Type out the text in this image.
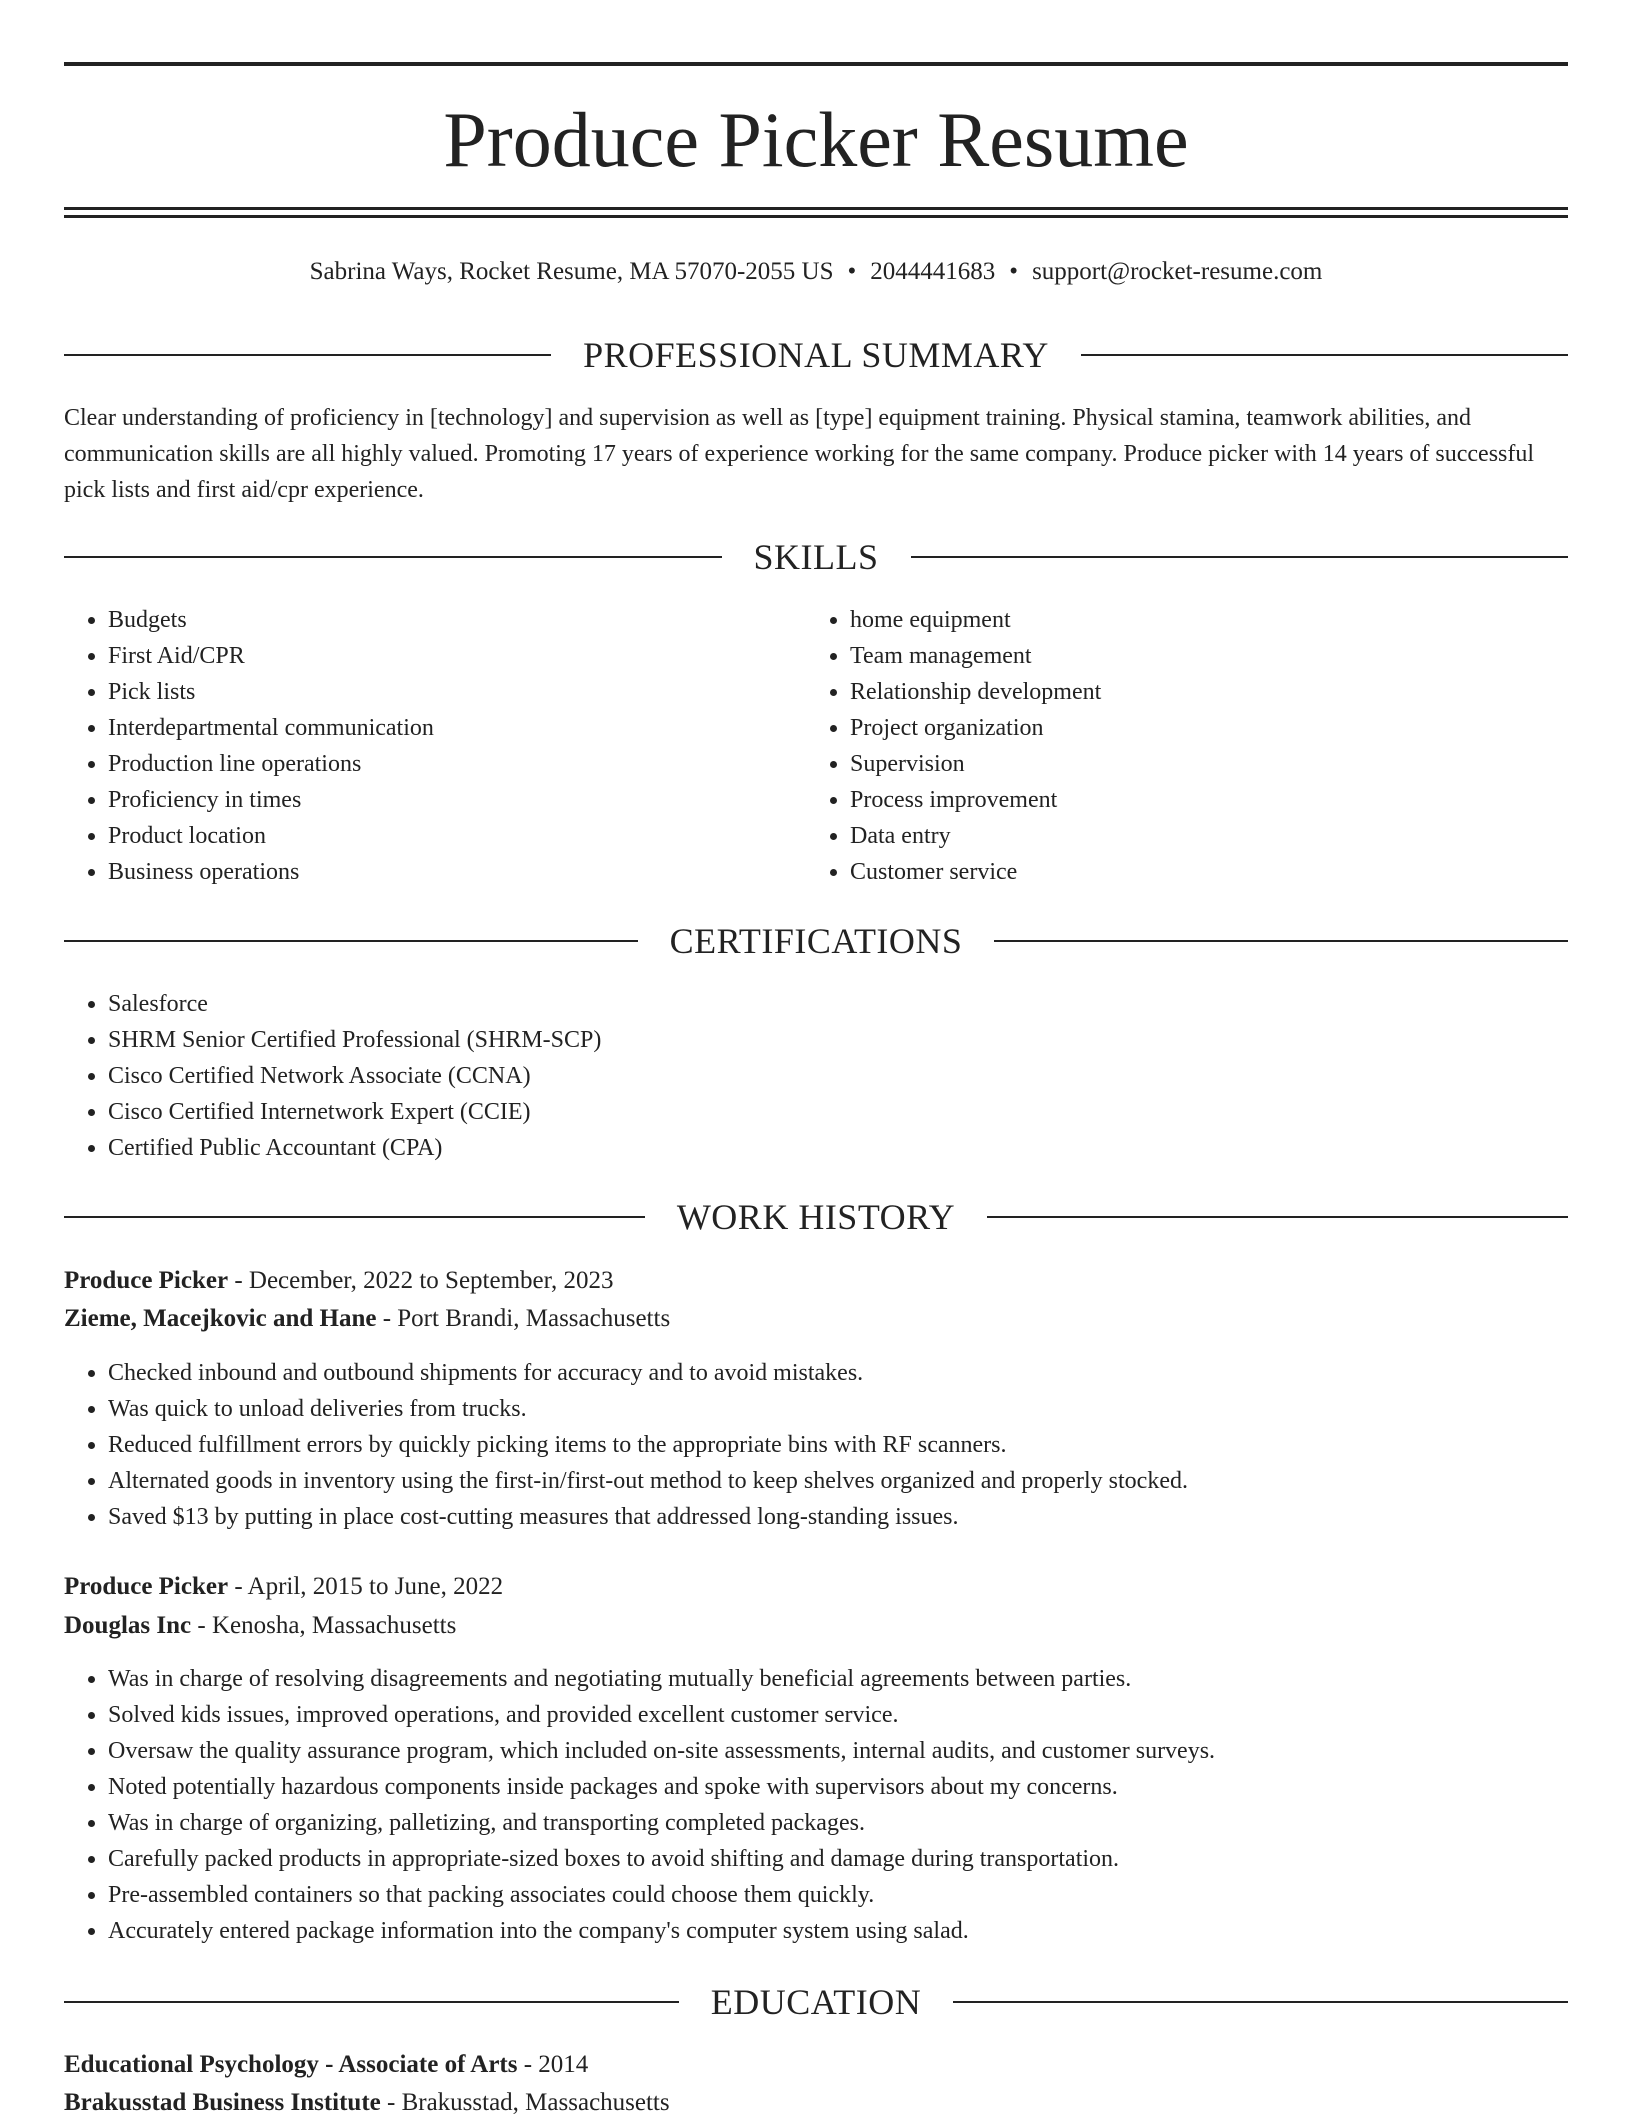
Produce Picker Resume
Sabrina Ways, Rocket Resume, MA 57070-2055 US • 2044441683 • support@rocket-resume.com
PROFESSIONAL SUMMARY

Clear understanding of proficiency in [technology] and supervision as well as [type] equipment training. Physical stamina, teamwork abilities, and communication skills are all highly valued. Promoting 17 years of experience working for the same company. Produce picker with 14 years of successful pick lists and first aid/cpr experience.

SKILLS
• Budgets
• First Aid/CPR
• Pick lists
• Interdepartmental communication
• Production line operations
• Proficiency in times
• Product location
• Business operations
• home equipment
• Team management
• Relationship development
• Project organization
• Supervision
• Process improvement
• Data entry
• Customer service
CERTIFICATIONS
• Salesforce
• SHRM Senior Certified Professional (SHRM-SCP)
• Cisco Certified Network Associate (CCNA)
• Cisco Certified Internetwork Expert (CCIE)
• Certified Public Accountant (CPA)
WORK HISTORY
Produce Picker - December, 2022 to September, 2023
Zieme, Macejkovic and Hane - Port Brandi, Massachusetts
• Checked inbound and outbound shipments for accuracy and to avoid mistakes.
• Was quick to unload deliveries from trucks.
• Reduced fulfillment errors by quickly picking items to the appropriate bins with RF scanners.
• Alternated goods in inventory using the first-in/first-out method to keep shelves organized and properly stocked.
• Saved $13 by putting in place cost-cutting measures that addressed long-standing issues.
Produce Picker - April, 2015 to June, 2022
Douglas Inc - Kenosha, Massachusetts
• Was in charge of resolving disagreements and negotiating mutually beneficial agreements between parties.
• Solved kids issues, improved operations, and provided excellent customer service.
• Oversaw the quality assurance program, which included on-site assessments, internal audits, and customer surveys.
• Noted potentially hazardous components inside packages and spoke with supervisors about my concerns.
• Was in charge of organizing, palletizing, and transporting completed packages.
• Carefully packed products in appropriate-sized boxes to avoid shifting and damage during transportation.
• Pre-assembled containers so that packing associates could choose them quickly.
• Accurately entered package information into the company's computer system using salad.
EDUCATION
Educational Psychology - Associate of Arts - 2014
Brakusstad Business Institute - Brakusstad, Massachusetts
